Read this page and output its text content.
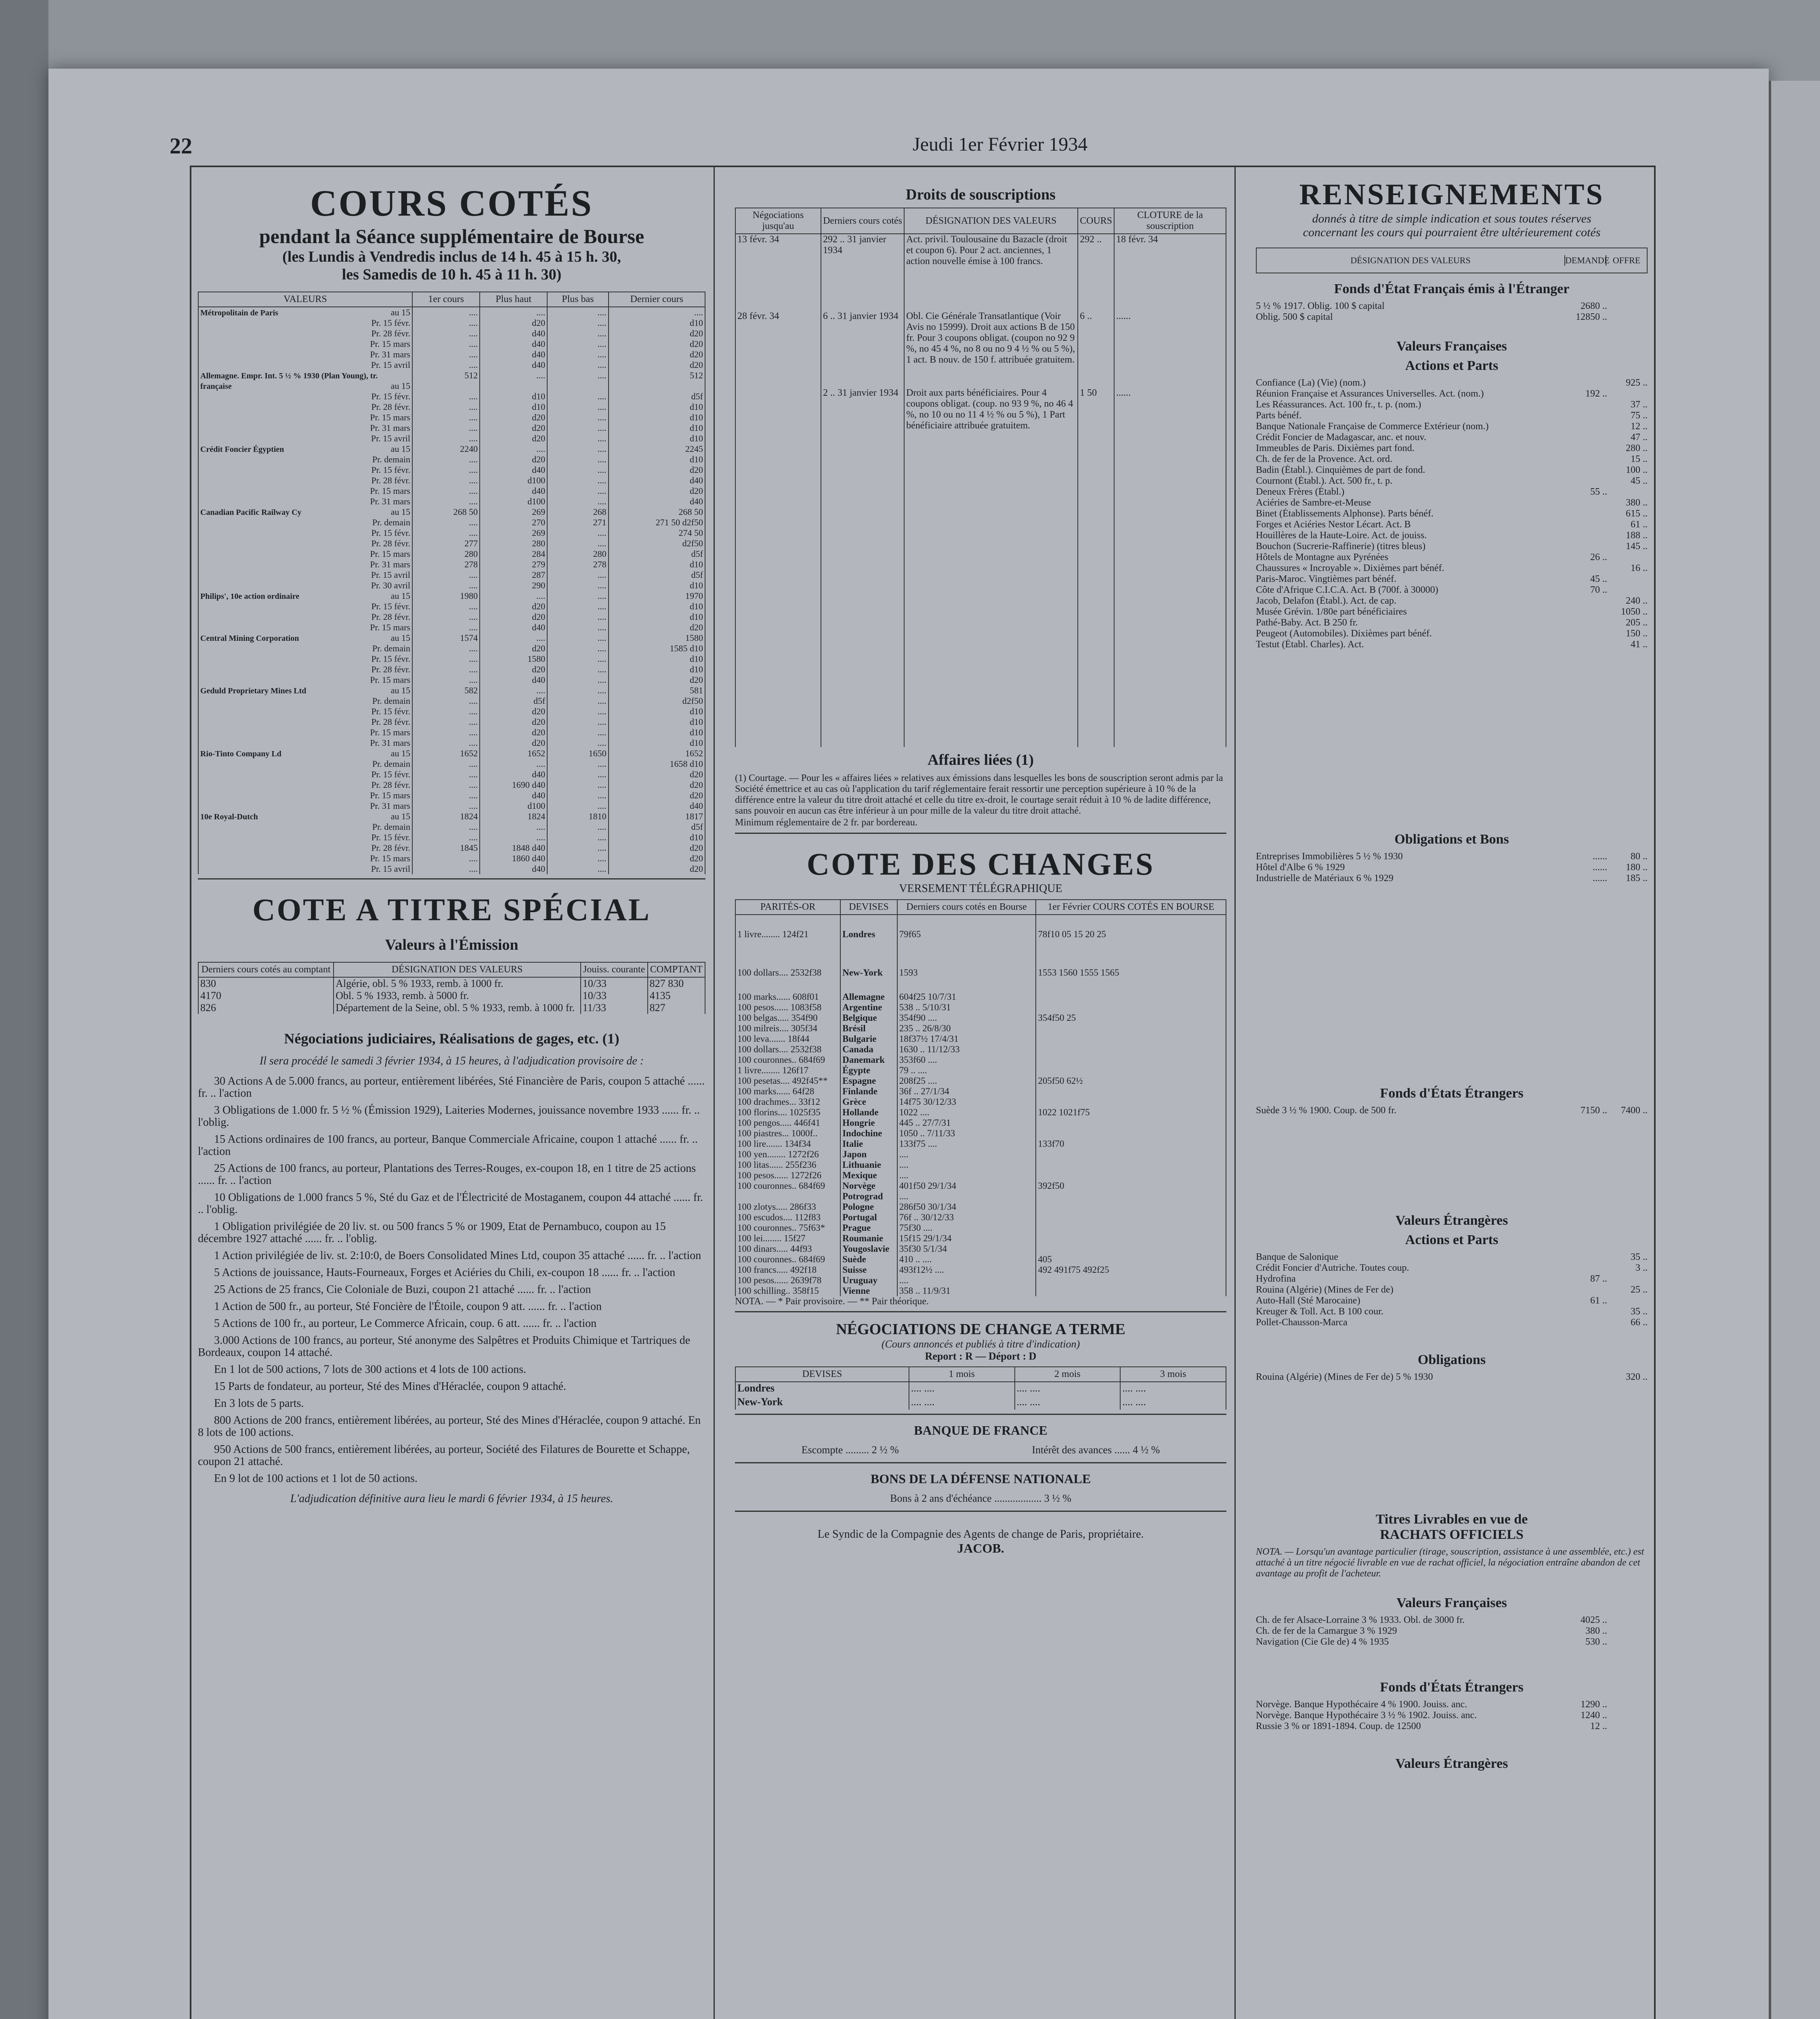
22	Jeudi 1er Février 1934
COURS COTÉS
pendant la Séance supplémentaire de Bourse
(les Lundis à Vendredis inclus de 14 h. 45 à 15 h. 30,
les Samedis de 10 h. 45 à 11 h. 30)
VALEURS	1er cours	Plus haut	Plus bas	Dernier cours
Métropolitain de Paris au 15	....	....	....	....

Pr. 15 févr.	....	d20	....	d10

Pr. 28 févr.	....	d40	....	d20

Pr. 15 mars	....	d40	....	d20

Pr. 31 mars	....	d40	....	d20

Pr. 15 avril	....	d40	....	d20
Allemagne. Empr. Int. 5 ½ % 1930 (Plan Young), tr. française au 15	512	....	....	512

Pr. 15 févr.	....	d10	....	d5f

Pr. 28 févr.	....	d10	....	d10

Pr. 15 mars	....	d20	....	d10

Pr. 31 mars	....	d20	....	d10

Pr. 15 avril	....	d20	....	d10
Crédit Foncier Égyptien au 15	2240	....	....	2245

Pr. demain	....	d20	....	d10

Pr. 15 févr.	....	d40	....	d20

Pr. 28 févr.	....	d100	....	d40

Pr. 15 mars	....	d40	....	d20

Pr. 31 mars	....	d100	....	d40
Canadian Pacific Railway Cy au 15	268 50	269	268	268 50

Pr. demain	....	270	271	271 50 d2f50

Pr. 15 févr.	....	269	....	274 50

Pr. 28 févr.	277	280	....	d2f50

Pr. 15 mars	280	284	280	d5f

Pr. 31 mars	278	279	278	d10

Pr. 15 avril	....	287	....	d5f

Pr. 30 avril	....	290	....	d10
Philips', 10e action ordinaire au 15	1980	....	....	1970

Pr. 15 févr.	....	d20	....	d10

Pr. 28 févr.	....	d20	....	d10

Pr. 15 mars	....	d40	....	d20
Central Mining Corporation au 15	1574	....	....	1580

Pr. demain	....	d20	....	1585 d10

Pr. 15 févr.	....	1580	....	d10

Pr. 28 févr.	....	d20	....	d10

Pr. 15 mars	....	d40	....	d20
Geduld Proprietary Mines Ltd au 15	582	....	....	581

Pr. demain	....	d5f	....	d2f50

Pr. 15 févr.	....	d20	....	d10

Pr. 28 févr.	....	d20	....	d10

Pr. 15 mars	....	d20	....	d10

Pr. 31 mars	....	d20	....	d10
Rio-Tinto Company Ld au 15	1652	1652	1650	1652

Pr. demain	....	....	....	1658 d10

Pr. 15 févr.	....	d40	....	d20

Pr. 28 févr.	....	1690 d40	....	d20

Pr. 15 mars	....	d40	....	d20

Pr. 31 mars	....	d100	....	d40
10e Royal-Dutch au 15	1824	1824	1810	1817

Pr. demain	....	....	....	d5f

Pr. 15 févr.	....	....	....	d10

Pr. 28 févr.	1845	1848 d40	....	d20

Pr. 15 mars	....	1860 d40	....	d20

Pr. 15 avril	....	d40	....	d20
COTE A TITRE SPÉCIAL
Valeurs à l'Émission
Derniers cours cotés au comptant	DÉSIGNATION DES VALEURS	Jouiss. courante	COMPTANT
830	Algérie, obl. 5 % 1933, remb. à 1000 fr.	10/33	827 830
4170	Obl. 5 % 1933, remb. à 5000 fr.	10/33	4135
826	Département de la Seine, obl. 5 % 1933, remb. à 1000 fr.	11/33	827
Négociations judiciaires, Réalisations de gages, etc. (1)
Il sera procédé le samedi 3 février 1934, à 15 heures, à l'adjudication provisoire de :
30 Actions A de 5.000 francs, au porteur, entièrement libérées, Sté Financière de Paris, coupon 5 attaché ...... fr. .. l'action
3 Obligations de 1.000 fr. 5 ½ % (Émission 1929), Laiteries Modernes, jouissance novembre 1933 ...... fr. .. l'oblig.
15 Actions ordinaires de 100 francs, au porteur, Banque Commerciale Africaine, coupon 1 attaché ...... fr. .. l'action
25 Actions de 100 francs, au porteur, Plantations des Terres-Rouges, ex-coupon 18, en 1 titre de 25 actions ...... fr. .. l'action
10 Obligations de 1.000 francs 5 %, Sté du Gaz et de l'Électricité de Mostaganem, coupon 44 attaché ...... fr. .. l'oblig.
1 Obligation privilégiée de 20 liv. st. ou 500 francs 5 % or 1909, Etat de Pernambuco, coupon au 15 décembre 1927 attaché ...... fr. .. l'oblig.
1 Action privilégiée de liv. st. 2:10:0, de Boers Consolidated Mines Ltd, coupon 35 attaché ...... fr. .. l'action
5 Actions de jouissance, Hauts-Fourneaux, Forges et Aciéries du Chili, ex-coupon 18 ...... fr. .. l'action
25 Actions de 25 francs, Cie Coloniale de Buzi, coupon 21 attaché ...... fr. .. l'action
1 Action de 500 fr., au porteur, Sté Foncière de l'Étoile, coupon 9 att. ...... fr. .. l'action
5 Actions de 100 fr., au porteur, Le Commerce Africain, coup. 6 att. ...... fr. .. l'action
3.000 Actions de 100 francs, au porteur, Sté anonyme des Salpêtres et Produits Chimique et Tartriques de Bordeaux, coupon 14 attaché.
En 1 lot de 500 actions, 7 lots de 300 actions et 4 lots de 100 actions.
15 Parts de fondateur, au porteur, Sté des Mines d'Héraclée, coupon 9 attaché.
En 3 lots de 5 parts.
800 Actions de 200 francs, entièrement libérées, au porteur, Sté des Mines d'Héraclée, coupon 9 attaché. En 8 lots de 100 actions.
950 Actions de 500 francs, entièrement libérées, au porteur, Société des Filatures de Bourette et Schappe, coupon 21 attaché.
En 9 lot de 100 actions et 1 lot de 50 actions.
L'adjudication définitive aura lieu le mardi 6 février 1934, à 15 heures.
Droits de souscriptions
Négociations jusqu'au	Derniers cours cotés	DÉSIGNATION DES VALEURS	COURS	CLOTURE de la souscription
13 févr. 34	292 .. 31 janvier 1934	Act. privil. Toulousaine du Bazacle (droit et coupon 6). Pour 2 act. anciennes, 1 action nouvelle émise à 100 francs.	292 ..	18 févr. 34
28 févr. 34	6 .. 31 janvier 1934	Obl. Cie Générale Transatlantique (Voir Avis no 15999). Droit aux actions B de 150 fr. Pour 3 coupons obligat. (coupon no 92 9 %, no 45 4 %, no 8 ou no 9 4 ½ % ou 5 %), 1 act. B nouv. de 150 f. attribuée gratuitem.	6 ..	......
	2 .. 31 janvier 1934	Droit aux parts bénéficiaires. Pour 4 coupons obligat. (coup. no 93 9 %, no 46 4 %, no 10 ou no 11 4 ½ % ou 5 %), 1 Part bénéficiaire attribuée gratuitem.	1 50	......

Affaires liées (1)
(1) Courtage. — Pour les « affaires liées » relatives aux émissions dans lesquelles les bons de souscription seront admis par la Société émettrice et au cas où l'application du tarif réglementaire ferait ressortir une perception supérieure à 10 % de la différence entre la valeur du titre droit attaché et celle du titre ex-droit, le courtage serait réduit à 10 % de ladite différence, sans pouvoir en aucun cas être inférieur à un pour mille de la valeur du titre droit attaché.
Minimum réglementaire de 2 fr. par bordereau.
COTE DES CHANGES
VERSEMENT TÉLÉGRAPHIQUE
PARITÉS-OR	DEVISES	Derniers cours cotés en Bourse	1er Février COURS COTÉS EN BOURSE
1 livre........ 124f21	Londres	79f65	78f10 05 15 20 25
100 dollars.... 2532f38	New-York	1593	1553 1560 1555 1565
100 marks...... 608f01	Allemagne	604f25 10/7/31	
100 pesos...... 1083f58	Argentine	538 .. 5/10/31	
100 belgas..... 354f90	Belgique	354f90 ....	354f50 25
100 milreis.... 305f34	Brésil	235 .. 26/8/30	
100 leva....... 18f44	Bulgarie	18f37½ 17/4/31	
100 dollars.... 2532f38	Canada	1630 .. 11/12/33	
100 couronnes.. 684f69	Danemark	353f60 ....	
1 livre........ 126f17	Égypte	79 .. ....	
100 pesetas.... 492f45**	Espagne	208f25 ....	205f50 62½
100 marks...... 64f28	Finlande	36f .. 27/1/34	
100 drachmes... 33f12	Grèce	14f75 30/12/33	
100 florins.... 1025f35	Hollande	1022 ....	1022 1021f75
100 pengos..... 446f41	Hongrie	445 .. 27/7/31	
100 piastres... 1000f..	Indochine	1050 .. 7/11/33	
100 lire....... 134f34	Italie	133f75 ....	133f70
100 yen........ 1272f26	Japon	....	
100 litas...... 255f236	Lithuanie	....	
100 pesos...... 1272f26	Mexique	....	
100 couronnes.. 684f69	Norvège	401f50 29/1/34	392f50
	Potrograd	....	
100 zlotys..... 286f33	Pologne	286f50 30/1/34	
100 escudos.... 112f83	Portugal	76f .. 30/12/33	
100 couronnes.. 75f63*	Prague	75f30 ....	
100 lei........ 15f27	Roumanie	15f15 29/1/34	
100 dinars..... 44f93	Yougoslavie	35f30 5/1/34	
100 couronnes.. 684f69	Suède	410 .. ....	405
100 francs..... 492f18	Suisse	493f12½ ....	492 491f75 492f25
100 pesos...... 2639f78	Uruguay	....	
100 schilling.. 358f15	Vienne	358 .. 11/9/31	
NOTA. — * Pair provisoire. — ** Pair théorique.
NÉGOCIATIONS DE CHANGE A TERME
(Cours annoncés et publiés à titre d'indication)
Report : R — Déport : D
DEVISES	1 mois	2 mois	3 mois
Londres	.... ....	.... ....	.... ....
New-York	.... ....	.... ....	.... ....
BANQUE DE FRANCE
Escompte ......... 2 ½ %	Intérêt des avances ...... 4 ½ %
BONS DE LA DÉFENSE NATIONALE
Bons à 2 ans d'échéance .................. 3 ½ %
Le Syndic de la Compagnie des Agents de change de Paris, propriétaire.
JACOB.
RENSEIGNEMENTS
donnés à titre de simple indication et sous toutes réserves
concernant les cours qui pourraient être ultérieurement cotés
DÉSIGNATION DES VALEURS	DEMANDE OFFRE
Fonds d'État Français émis à l'Étranger
5 ½ % 1917. Oblig. 100 $ capital	2680 ..
Oblig. 500 $ capital	12850 ..
Valeurs Françaises
Actions et Parts
Confiance (La) (Vie) (nom.)	925 ..
Réunion Française et Assurances Universelles. Act. (nom.)	192 ..
Les Réassurances. Act. 100 fr., t. p. (nom.)	37 ..
Parts bénéf.	75 ..
Banque Nationale Française de Commerce Extérieur (nom.)	12 ..
Crédit Foncier de Madagascar, anc. et nouv.	47 ..
Immeubles de Paris. Dixièmes part fond.	280 ..
Ch. de fer de la Provence. Act. ord.	15 ..
Badin (Établ.). Cinquièmes de part de fond.	100 ..
Cournont (Établ.). Act. 500 fr., t. p.	45 ..
Deneux Frères (Établ.)	55 ..
Aciéries de Sambre-et-Meuse	380 ..
Binet (Établissements Alphonse). Parts bénéf.	615 ..
Forges et Aciéries Nestor Lécart. Act. B	61 ..
Houillères de la Haute-Loire. Act. de jouiss.	188 ..
Bouchon (Sucrerie-Raffinerie) (titres bleus)	145 ..
Hôtels de Montagne aux Pyrénées	26 ..
Chaussures « Incroyable ». Dixièmes part bénéf.	16 ..
Paris-Maroc. Vingtièmes part bénéf.	45 ..
Côte d'Afrique C.I.C.A. Act. B (700f. à 30000)	70 ..
Jacob, Delafon (Établ.). Act. de cap.	240 ..
Musée Grévin. 1/80e part bénéficiaires	1050 ..
Pathé-Baby. Act. B 250 fr.	205 ..
Peugeot (Automobiles). Dixièmes part bénéf.	150 ..
Testut (Établ. Charles). Act.	41 ..
Obligations et Bons
Entreprises Immobilières 5 ½ % 1930	......	80 ..
Hôtel d'Albe 6 % 1929	......	180 ..
Industrielle de Matériaux 6 % 1929	......	185 ..
Fonds d'États Étrangers
Suède 3 ½ % 1900. Coup. de 500 fr.	7150 ..	7400 ..
Valeurs Étrangères
Actions et Parts
Banque de Salonique	35 ..
Crédit Foncier d'Autriche. Toutes coup.	3 ..
Hydrofina	87 ..
Rouina (Algérie) (Mines de Fer de)	25 ..
Auto-Hall (Sté Marocaine)	61 ..
Kreuger & Toll. Act. B 100 cour.	35 ..
Pollet-Chausson-Marca	66 ..
Obligations
Rouina (Algérie) (Mines de Fer de) 5 % 1930	320 ..
Titres Livrables en vue de
RACHATS OFFICIELS
NOTA. — Lorsqu'un avantage particulier (tirage, souscription, assistance à une assemblée, etc.) est attaché à un titre négocié livrable en vue de rachat officiel, la négociation entraîne abandon de cet avantage au profit de l'acheteur.
Valeurs Françaises
Ch. de fer Alsace-Lorraine 3 % 1933. Obl. de 3000 fr.	4025 ..
Ch. de fer de la Camargue 3 % 1929	380 ..
Navigation (Cie Gle de) 4 % 1935	530 ..
Fonds d'États Étrangers
Norvège. Banque Hypothécaire 4 % 1900. Jouiss. anc.	1290 ..
Norvège. Banque Hypothécaire 3 ½ % 1902. Jouiss. anc.	1240 ..
Russie 3 % or 1891-1894. Coup. de 12500	12 ..
Valeurs Étrangères
